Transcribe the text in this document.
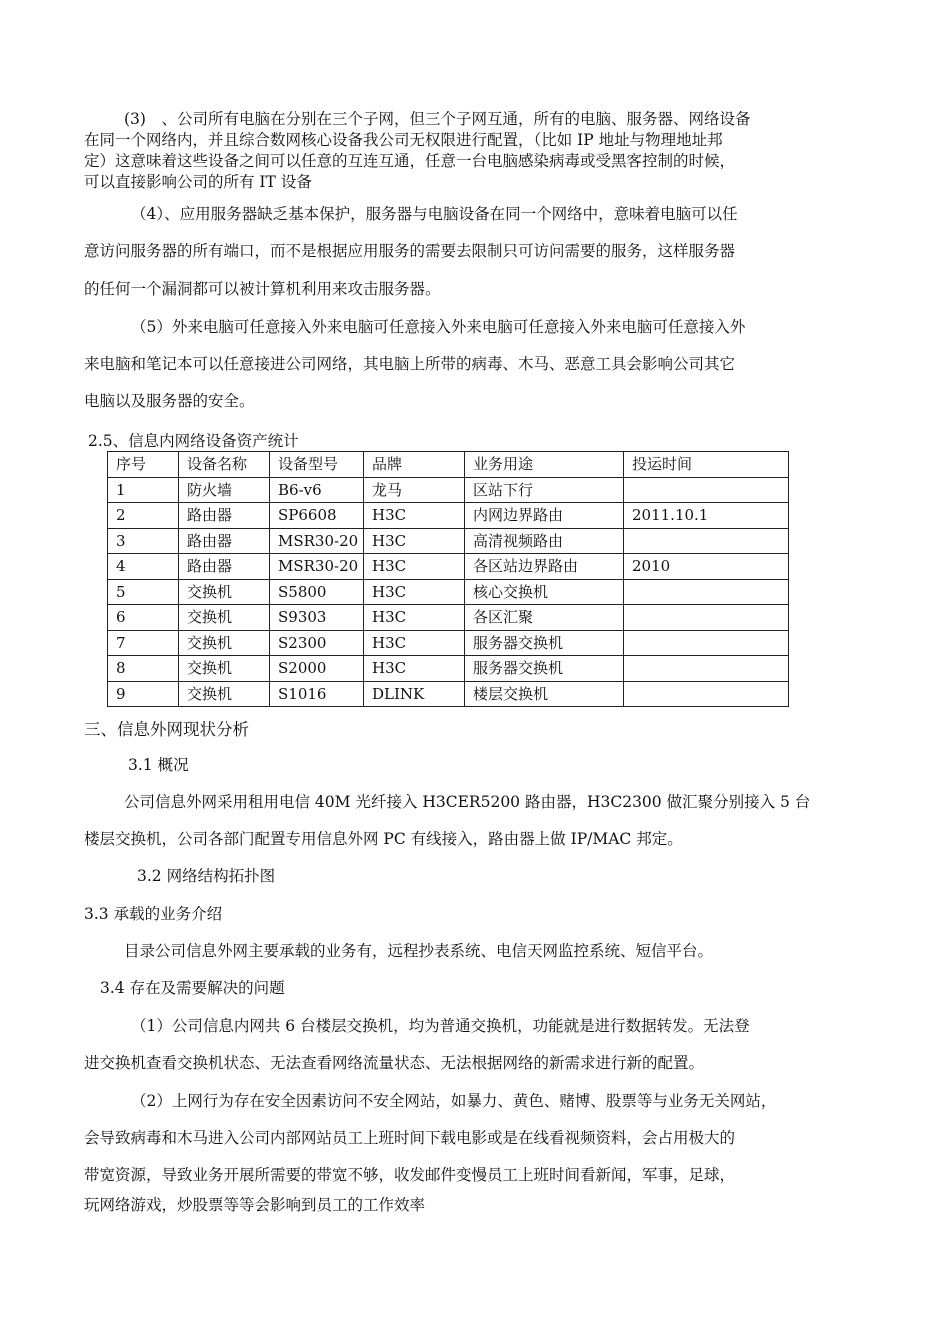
(3)　、公司所有电脑在分别在三个子网，但三个子网互通，所有的电脑、服务器、网络设备
在同一个网络内，并且综合数网核心设备我公司无权限进行配置，（比如 IP 地址与物理地址邦
定）这意味着这些设备之间可以任意的互连互通，任意一台电脑感染病毒或受黑客控制的时候，
可以直接影响公司的所有 IT 设备
（4）、应用服务器缺乏基本保护，服务器与电脑设备在同一个网络中，意味着电脑可以任
意访问服务器的所有端口，而不是根据应用服务的需要去限制只可访问需要的服务，这样服务器
的任何一个漏洞都可以被计算机利用来攻击服务器。
（5）外来电脑可任意接入外来电脑可任意接入外来电脑可任意接入外来电脑可任意接入外
来电脑和笔记本可以任意接进公司网络，其电脑上所带的病毒、木马、恶意工具会影响公司其它
电脑以及服务器的安全。
2.5、信息内网络设备资产统计
序号	设备名称	设备型号	品牌	业务用途	投运时间
1	防火墙	B6-v6	龙马	区站下行	
2	路由器	SP6608	H3C	内网边界路由	2011.10.1
3	路由器	MSR30-20	H3C	高清视频路由	
4	路由器	MSR30-20	H3C	各区站边界路由	2010
5	交换机	S5800	H3C	核心交换机	
6	交换机	S9303	H3C	各区汇聚	
7	交换机	S2300	H3C	服务器交换机	
8	交换机	S2000	H3C	服务器交换机	
9	交换机	S1016	DLINK	楼层交换机	
三、信息外网现状分析
3.1 概况
公司信息外网采用租用电信 40M 光纤接入 H3CER5200 路由器，H3C2300 做汇聚分别接入 5 台
楼层交换机，公司各部门配置专用信息外网 PC 有线接入，路由器上做 IP/MAC 邦定。
3.2 网络结构拓扑图
3.3 承载的业务介绍
目录公司信息外网主要承载的业务有，远程抄表系统、电信天网监控系统、短信平台。
3.4 存在及需要解决的问题
（1）公司信息内网共 6 台楼层交换机，均为普通交换机，功能就是进行数据转发。无法登
进交换机查看交换机状态、无法查看网络流量状态、无法根据网络的新需求进行新的配置。
（2）上网行为存在安全因素访问不安全网站，如暴力、黄色、赌博、股票等与业务无关网站，
会导致病毒和木马进入公司内部网站员工上班时间下载电影或是在线看视频资料，会占用极大的
带宽资源，导致业务开展所需要的带宽不够，收发邮件变慢员工上班时间看新闻，军事，足球，
玩网络游戏，炒股票等等会影响到员工的工作效率
